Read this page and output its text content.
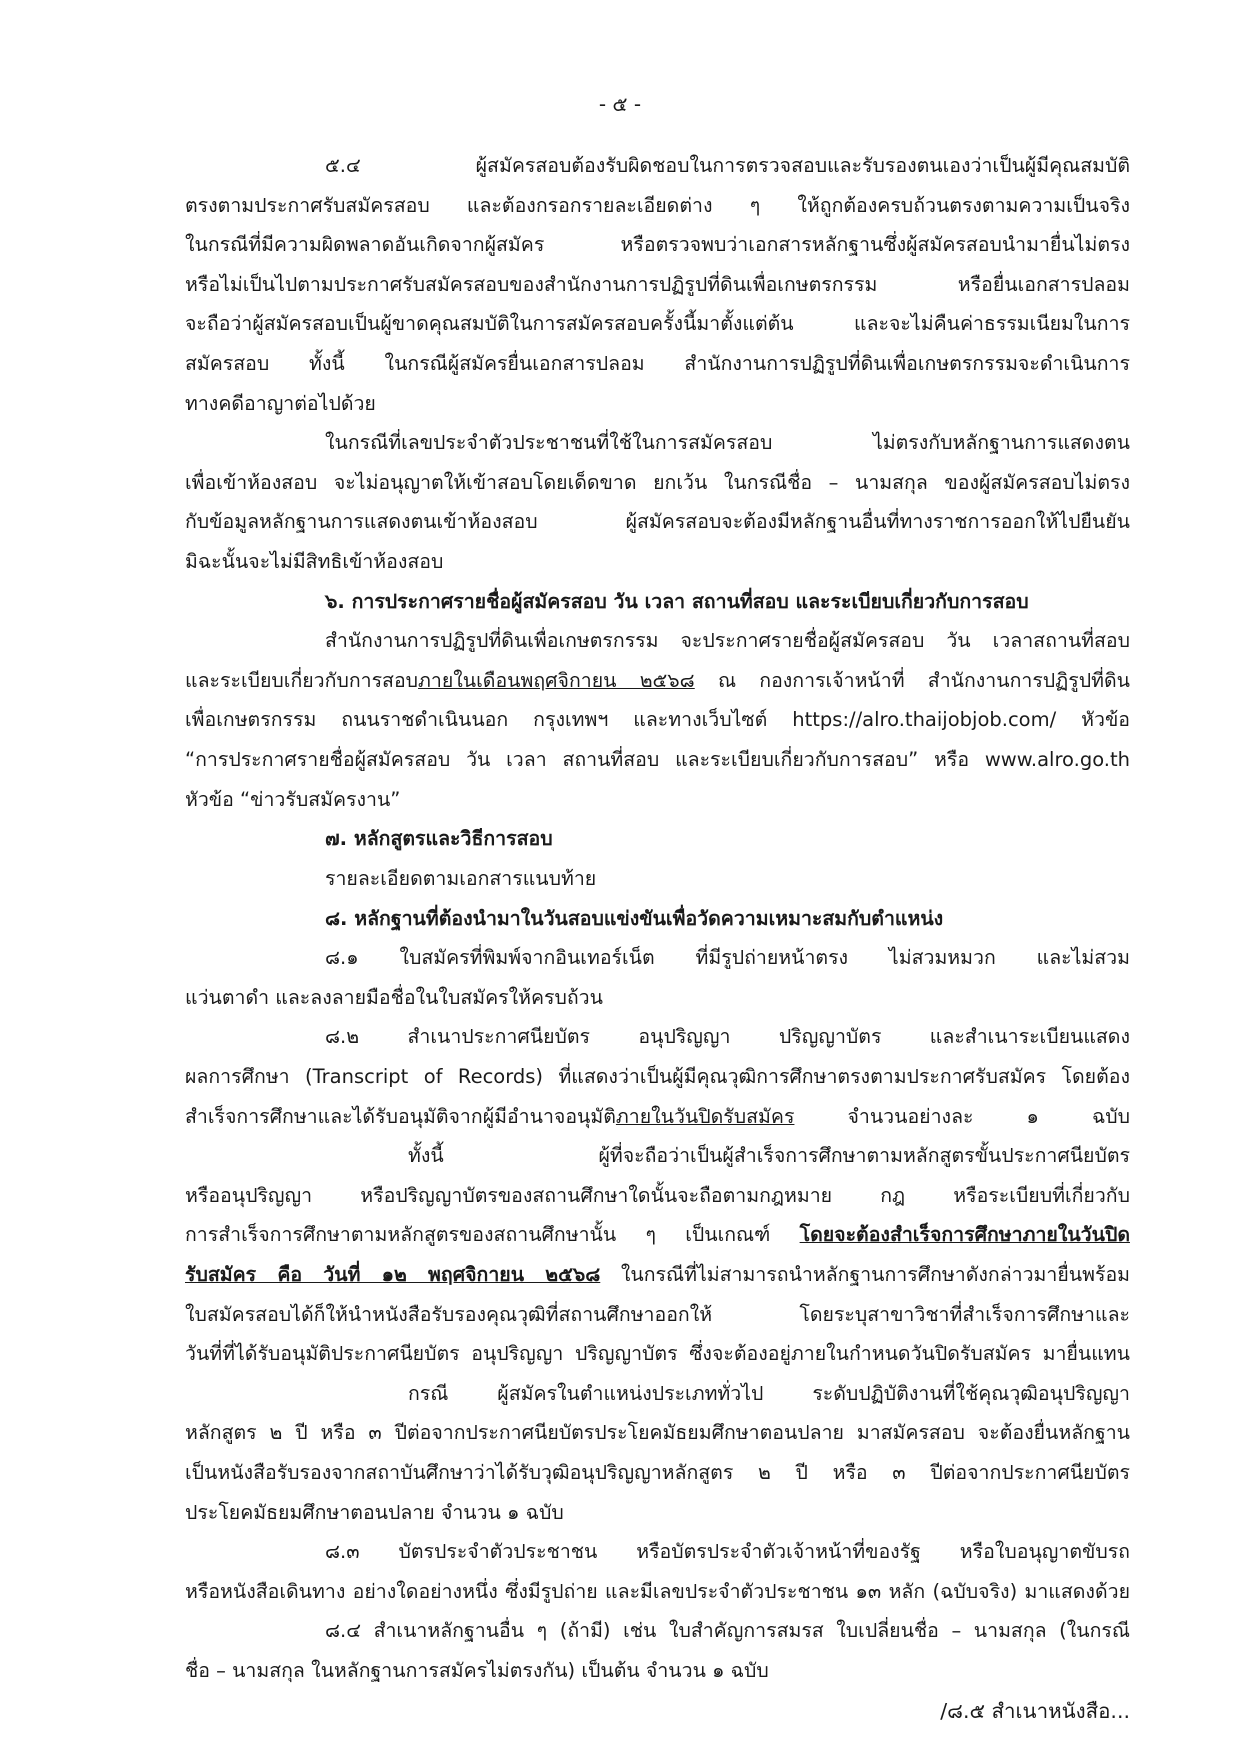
- ๕ -
๕.๔ ผู้สมัครสอบต้องรับผิดชอบในการตรวจสอบและรับรองตนเองว่าเป็นผู้มีคุณสมบัติ
ตรงตามประกาศรับสมัครสอบ และต้องกรอกรายละเอียดต่าง ๆ ให้ถูกต้องครบถ้วนตรงตามความเป็นจริง
ในกรณีที่มีความผิดพลาดอันเกิดจากผู้สมัคร หรือตรวจพบว่าเอกสารหลักฐานซึ่งผู้สมัครสอบนำมายื่นไม่ตรง
หรือไม่เป็นไปตามประกาศรับสมัครสอบของสำนักงานการปฏิรูปที่ดินเพื่อเกษตรกรรม หรือยื่นเอกสารปลอม
จะถือว่าผู้สมัครสอบเป็นผู้ขาดคุณสมบัติในการสมัครสอบครั้งนี้มาตั้งแต่ต้น และจะไม่คืนค่าธรรมเนียมในการ
สมัครสอบ ทั้งนี้ ในกรณีผู้สมัครยื่นเอกสารปลอม สำนักงานการปฏิรูปที่ดินเพื่อเกษตรกรรมจะดำเนินการ
ทางคดีอาญาต่อไปด้วย
ในกรณีที่เลขประจำตัวประชาชนที่ใช้ในการสมัครสอบ ไม่ตรงกับหลักฐานการแสดงตน
เพื่อเข้าห้องสอบ จะไม่อนุญาตให้เข้าสอบโดยเด็ดขาด ยกเว้น ในกรณีชื่อ – นามสกุล ของผู้สมัครสอบไม่ตรง
กับข้อมูลหลักฐานการแสดงตนเข้าห้องสอบ ผู้สมัครสอบจะต้องมีหลักฐานอื่นที่ทางราชการออกให้ไปยืนยัน
มิฉะนั้นจะไม่มีสิทธิเข้าห้องสอบ
๖. การประกาศรายชื่อผู้สมัครสอบ วัน เวลา สถานที่สอบ และระเบียบเกี่ยวกับการสอบ
สำนักงานการปฏิรูปที่ดินเพื่อเกษตรกรรม จะประกาศรายชื่อผู้สมัครสอบ วัน เวลาสถานที่สอบ
และระเบียบเกี่ยวกับการสอบภายในเดือนพฤศจิกายน ๒๕๖๘ ณ กองการเจ้าหน้าที่ สำนักงานการปฏิรูปที่ดิน
เพื่อเกษตรกรรม ถนนราชดำเนินนอก กรุงเทพฯ และทางเว็บไซต์ https://alro.thaijobjob.com/ หัวข้อ
“การประกาศรายชื่อผู้สมัครสอบ วัน เวลา สถานที่สอบ และระเบียบเกี่ยวกับการสอบ” หรือ www.alro.go.th
หัวข้อ “ข่าวรับสมัครงาน”
๗. หลักสูตรและวิธีการสอบ
รายละเอียดตามเอกสารแนบท้าย
๘. หลักฐานที่ต้องนำมาในวันสอบแข่งขันเพื่อวัดความเหมาะสมกับตำแหน่ง
๘.๑ ใบสมัครที่พิมพ์จากอินเทอร์เน็ต ที่มีรูปถ่ายหน้าตรง ไม่สวมหมวก และไม่สวม
แว่นตาดำ และลงลายมือชื่อในใบสมัครให้ครบถ้วน
๘.๒ สำเนาประกาศนียบัตร อนุปริญญา ปริญญาบัตร และสำเนาระเบียนแสดง
ผลการศึกษา (Transcript of Records) ที่แสดงว่าเป็นผู้มีคุณวุฒิการศึกษาตรงตามประกาศรับสมัคร โดยต้อง
สำเร็จการศึกษาและได้รับอนุมัติจากผู้มีอำนาจอนุมัติภายในวันปิดรับสมัคร จำนวนอย่างละ ๑ ฉบับ
ทั้งนี้ ผู้ที่จะถือว่าเป็นผู้สำเร็จการศึกษาตามหลักสูตรขั้นประกาศนียบัตร
หรืออนุปริญญา หรือปริญญาบัตรของสถานศึกษาใดนั้นจะถือตามกฎหมาย กฎ หรือระเบียบที่เกี่ยวกับ
การสำเร็จการศึกษาตามหลักสูตรของสถานศึกษานั้น ๆ เป็นเกณฑ์ โดยจะต้องสำเร็จการศึกษาภายในวันปิด
รับสมัคร คือ วันที่ ๑๒ พฤศจิกายน ๒๕๖๘ ในกรณีที่ไม่สามารถนำหลักฐานการศึกษาดังกล่าวมายื่นพร้อม
ใบสมัครสอบได้ก็ให้นำหนังสือรับรองคุณวุฒิที่สถานศึกษาออกให้ โดยระบุสาขาวิชาที่สำเร็จการศึกษาและ
วันที่ที่ได้รับอนุมัติประกาศนียบัตร อนุปริญญา ปริญญาบัตร ซึ่งจะต้องอยู่ภายในกำหนดวันปิดรับสมัคร มายื่นแทน
กรณี ผู้สมัครในตำแหน่งประเภททั่วไป ระดับปฏิบัติงานที่ใช้คุณวุฒิอนุปริญญา
หลักสูตร ๒ ปี หรือ ๓ ปีต่อจากประกาศนียบัตรประโยคมัธยมศึกษาตอนปลาย มาสมัครสอบ จะต้องยื่นหลักฐาน
เป็นหนังสือรับรองจากสถาบันศึกษาว่าได้รับวุฒิอนุปริญญาหลักสูตร ๒ ปี หรือ ๓ ปีต่อจากประกาศนียบัตร
ประโยคมัธยมศึกษาตอนปลาย จำนวน ๑ ฉบับ
๘.๓ บัตรประจำตัวประชาชน หรือบัตรประจำตัวเจ้าหน้าที่ของรัฐ หรือใบอนุญาตขับรถ
หรือหนังสือเดินทาง อย่างใดอย่างหนึ่ง ซึ่งมีรูปถ่าย และมีเลขประจำตัวประชาชน ๑๓ หลัก (ฉบับจริง) มาแสดงด้วย
๘.๔ สำเนาหลักฐานอื่น ๆ (ถ้ามี) เช่น ใบสำคัญการสมรส ใบเปลี่ยนชื่อ – นามสกุล (ในกรณี
ชื่อ – นามสกุล ในหลักฐานการสมัครไม่ตรงกัน) เป็นต้น จำนวน ๑ ฉบับ
/๘.๕ สำเนาหนังสือ...
